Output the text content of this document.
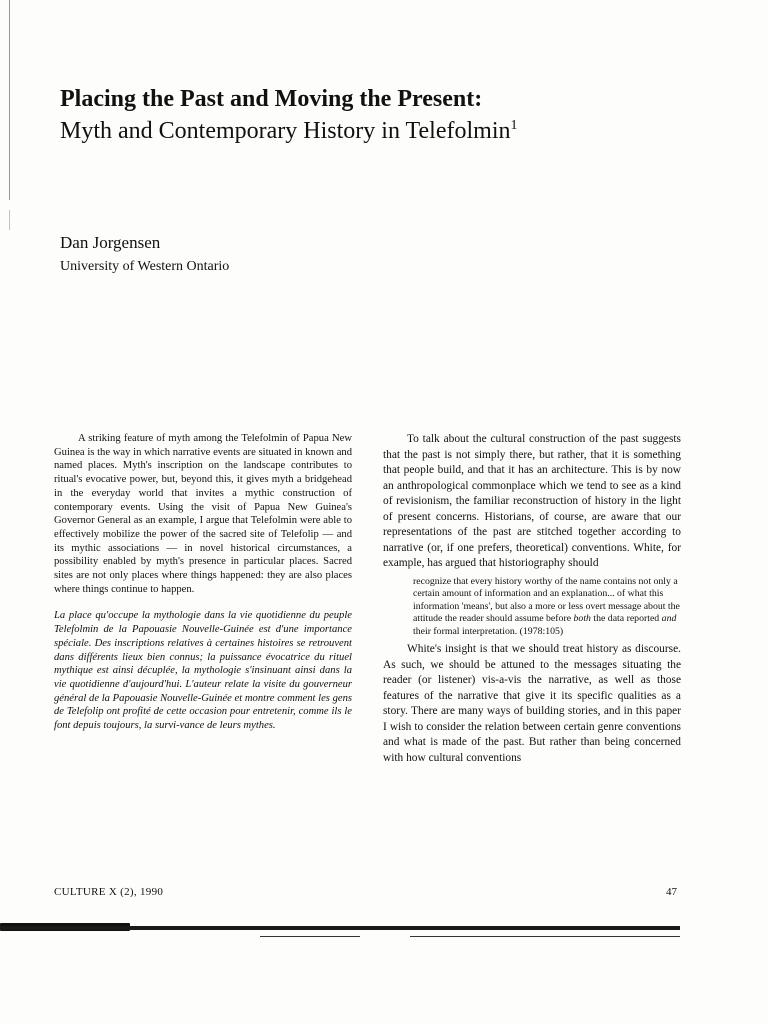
Placing the Past and Moving the Present:
Myth and Contemporary History in Telefolmin$^1$
Dan Jorgensen
University of Western Ontario

A striking feature of myth among the Telefolmin of Papua New Guinea is the way in which narrative events are situated in known and named places. Myth's inscription on the landscape contributes to ritual's evocative power, but, beyond this, it gives myth a bridgehead in the everyday world that invites a mythic construction of contemporary events. Using the visit of Papua New Guinea's Governor General as an example, I argue that Telefolmin were able to effectively mobilize the power of the sacred site of Telefolip — and its mythic associations — in novel historical circumstances, a possibility enabled by myth's presence in particular places. Sacred sites are not only places where things happened: they are also places where things continue to happen.

La place qu'occupe la mythologie dans la vie quotidienne du peuple Telefolmin de la Papouasie Nouvelle-Guinée est d'une importance spéciale. Des inscriptions relatives à certaines histoires se retrouvent dans différents lieux bien connus; la puissance évocatrice du rituel mythique est ainsi décuplée, la mythologie s'insinuant ainsi dans la vie quotidienne d'aujourd'hui. L'auteur relate la visite du gouverneur général de la Papouasie Nouvelle-Guinée et montre comment les gens de Telefolip ont profité de cette occasion pour entretenir, comme ils le font depuis toujours, la survi-vance de leurs mythes.

To talk about the cultural construction of the past suggests that the past is not simply there, but rather, that it is something that people build, and that it has an architecture. This is by now an anthropological commonplace which we tend to see as a kind of revisionism, the familiar reconstruction of history in the light of present concerns. Historians, of course, are aware that our representations of the past are stitched together according to narrative (or, if one prefers, theoretical) conventions. White, for example, has argued that historiography should

recognize that every history worthy of the name contains not only a certain amount of information and an explanation... of what this information 'means', but also a more or less overt message about the attitude the reader should assume before both the data reported and their formal interpretation. (1978:105)

White's insight is that we should treat history as discourse. As such, we should be attuned to the messages situating the reader (or listener) vis-a-vis the narrative, as well as those features of the narrative that give it its specific qualities as a story. There are many ways of building stories, and in this paper I wish to consider the relation between certain genre conventions and what is made of the past. But rather than being concerned with how cultural conventions

CULTURE X (2), 1990	47
